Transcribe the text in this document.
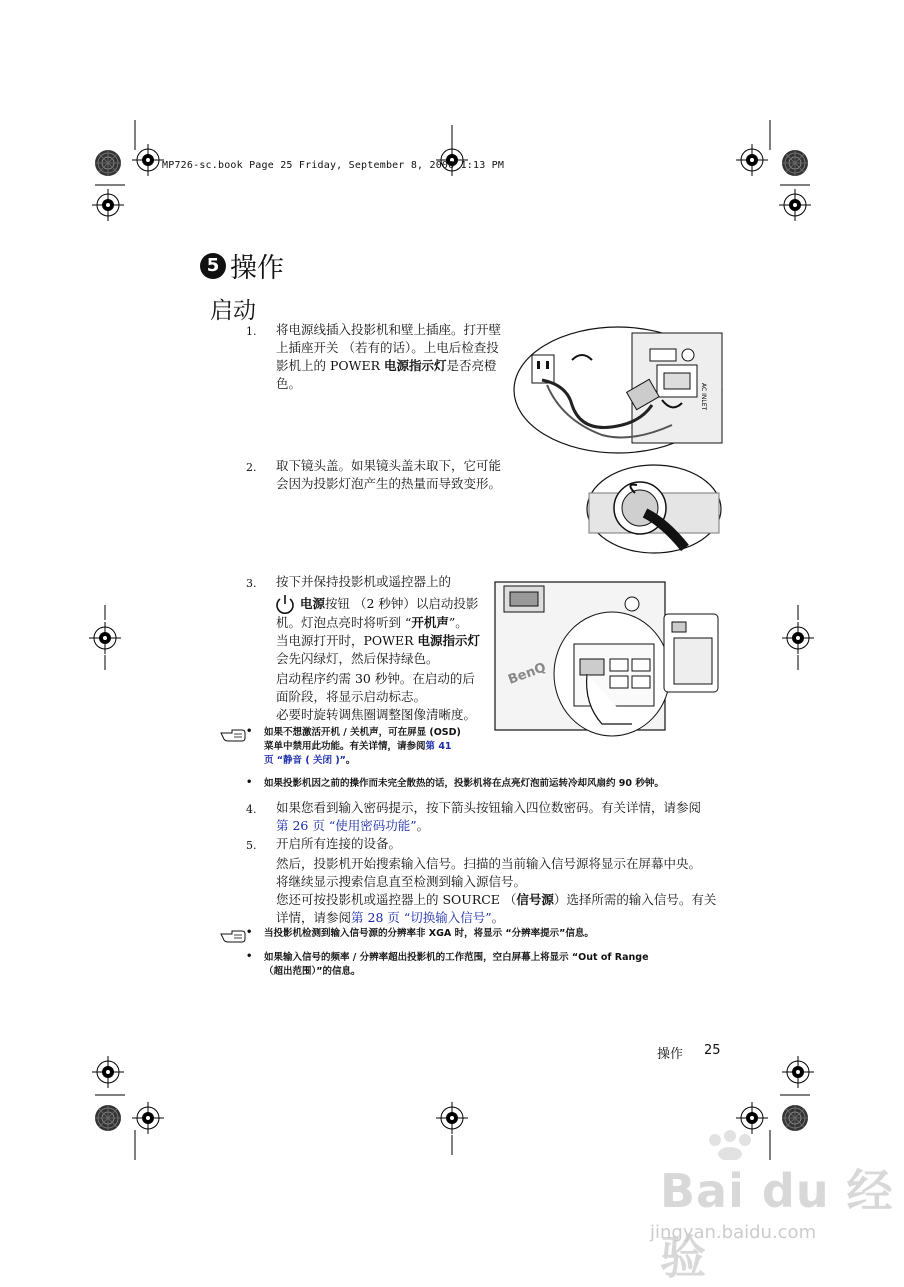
MP726-sc.book Page 25 Friday, September 8, 2006 1:13 PM
5 操作
启动
1.	将电源线插入投影机和壁上插座。打开壁
上插座开关 （若有的话）。上电后检查投
影机上的 POWER 电源指示灯是否亮橙
色。	AC INLET
2.	取下镜头盖。如果镜头盖未取下，它可能
会因为投影灯泡产生的热量而导致变形。
3.	按下并保持投影机或遥控器上的
电源按钮 （2 秒钟）以启动投影
机。灯泡点亮时将听到 “开机声”。
当电源打开时，POWER 电源指示灯
会先闪绿灯，然后保持绿色。
启动程序约需 30 秒钟。在启动的后
面阶段，将显示启动标志。
必要时旋转调焦圈调整图像清晰度。
BenQ
• 如果不想激活开机 / 关机声，可在屏显 (OSD)
菜单中禁用此功能。有关详情，请参阅第 41
页 “静音 ( 关闭 )”。
• 如果投影机因之前的操作而未完全散热的话，投影机将在点亮灯泡前运转冷却风扇约 90 秒钟。
4.	如果您看到输入密码提示，按下箭头按钮输入四位数密码。有关详情，请参阅
第 26 页 “使用密码功能”。
5.	开启所有连接的设备。
然后，投影机开始搜索输入信号。扫描的当前输入信号源将显示在屏幕中央。
将继续显示搜索信息直至检测到输入源信号。
您还可按投影机或遥控器上的 SOURCE （信号源）选择所需的输入信号。有关
详情，请参阅第 28 页 “切换输入信号”。
• 当投影机检测到输入信号源的分辨率非 XGA 时，将显示 “分辨率提示”信息。
• 如果输入信号的频率 / 分辨率超出投影机的工作范围，空白屏幕上将显示 “Out of Range
（超出范围）”的信息。
操作 25
Bai du 经验
jingyan.baidu.com
